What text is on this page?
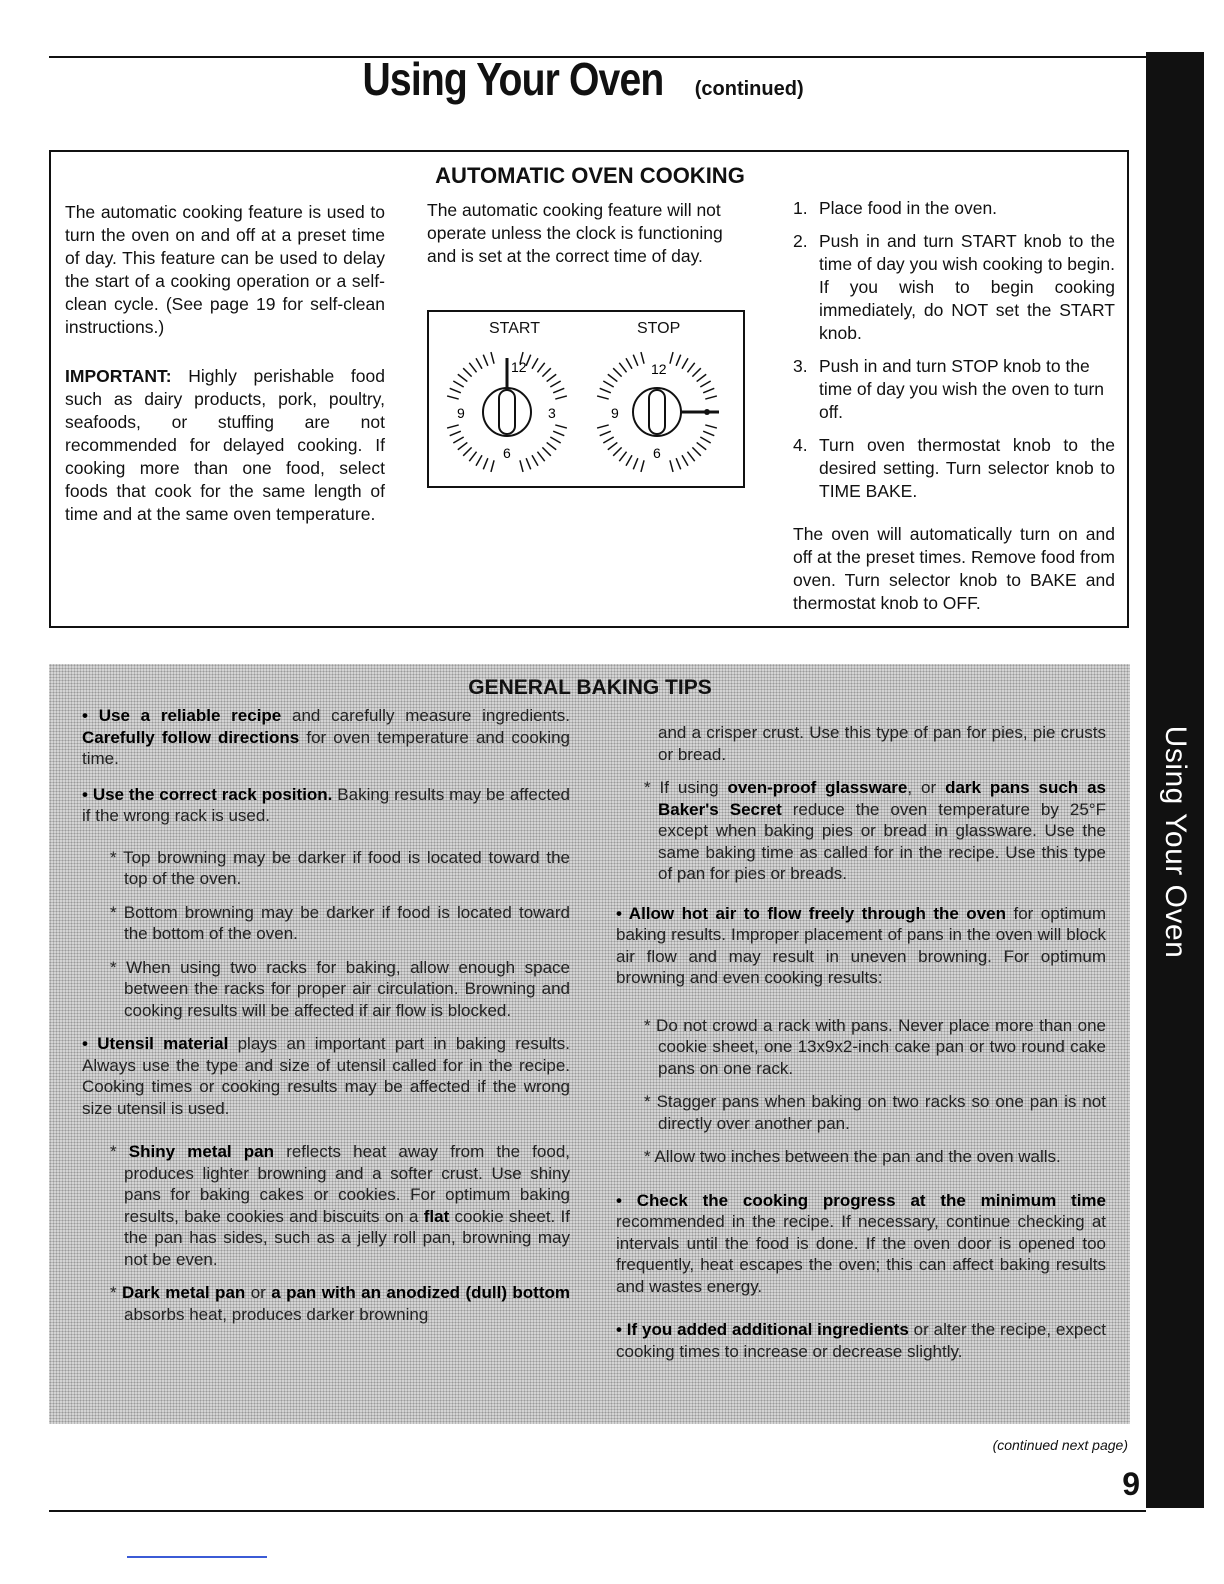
Using Your Oven (continued)
Using Your Oven
AUTOMATIC OVEN COOKING

The automatic cooking feature is used to turn the oven on and off at a preset time of day. This feature can be used to delay the start of a cooking operation or a self-clean cycle. (See page 19 for self-clean instructions.)

IMPORTANT: Highly perishable food such as dairy products, pork, poultry, seafoods, or stuffing are not recommended for delayed cooking. If cooking more than one food, select foods that cook for the same length of time and at the same oven temperature.

The automatic cooking feature will not operate unless the clock is functioning and is set at the correct time of day.

START	STOP
12
3
6
9
12
6
9
1. Place food in the oven.
2. Push in and turn START knob to the time of day you wish cooking to begin. If you wish to begin cooking immediately, do NOT set the START knob.
3. Push in and turn STOP knob to the time of day you wish the oven to turn off.
4. Turn oven thermostat knob to the desired setting. Turn selector knob to TIME BAKE.

The oven will automatically turn on and off at the preset times. Remove food from oven. Turn selector knob to BAKE and thermostat knob to OFF.

GENERAL BAKING TIPS

• Use a reliable recipe and carefully measure ingredients. Carefully follow directions for oven temperature and cooking time.

• Use the correct rack position. Baking results may be affected if the wrong rack is used.

* Top browning may be darker if food is located toward the top of the oven.

* Bottom browning may be darker if food is located toward the bottom of the oven.

* When using two racks for baking, allow enough space between the racks for proper air circulation. Browning and cooking results will be affected if air flow is blocked.

• Utensil material plays an important part in baking results. Always use the type and size of utensil called for in the recipe. Cooking times or cooking results may be affected if the wrong size utensil is used.

* Shiny metal pan reflects heat away from the food, produces lighter browning and a softer crust. Use shiny pans for baking cakes or cookies. For optimum baking results, bake cookies and biscuits on a flat cookie sheet. If the pan has sides, such as a jelly roll pan, browning may not be even.

* Dark metal pan or a pan with an anodized (dull) bottom absorbs heat, produces darker browning

and a crisper crust. Use this type of pan for pies, pie crusts or bread.

* If using oven-proof glassware, or dark pans such as Baker's Secret reduce the oven temperature by 25°F except when baking pies or bread in glassware. Use the same baking time as called for in the recipe. Use this type of pan for pies or breads.

• Allow hot air to flow freely through the oven for optimum baking results. Improper placement of pans in the oven will block air flow and may result in uneven browning. For optimum browning and even cooking results:

* Do not crowd a rack with pans. Never place more than one cookie sheet, one 13x9x2-inch cake pan or two round cake pans on one rack.

* Stagger pans when baking on two racks so one pan is not directly over another pan.

* Allow two inches between the pan and the oven walls.

• Check the cooking progress at the minimum time recommended in the recipe. If necessary, continue checking at intervals until the food is done. If the oven door is opened too frequently, heat escapes the oven; this can affect baking results and wastes energy.

• If you added additional ingredients or alter the recipe, expect cooking times to increase or decrease slightly.

(continued next page)
9
